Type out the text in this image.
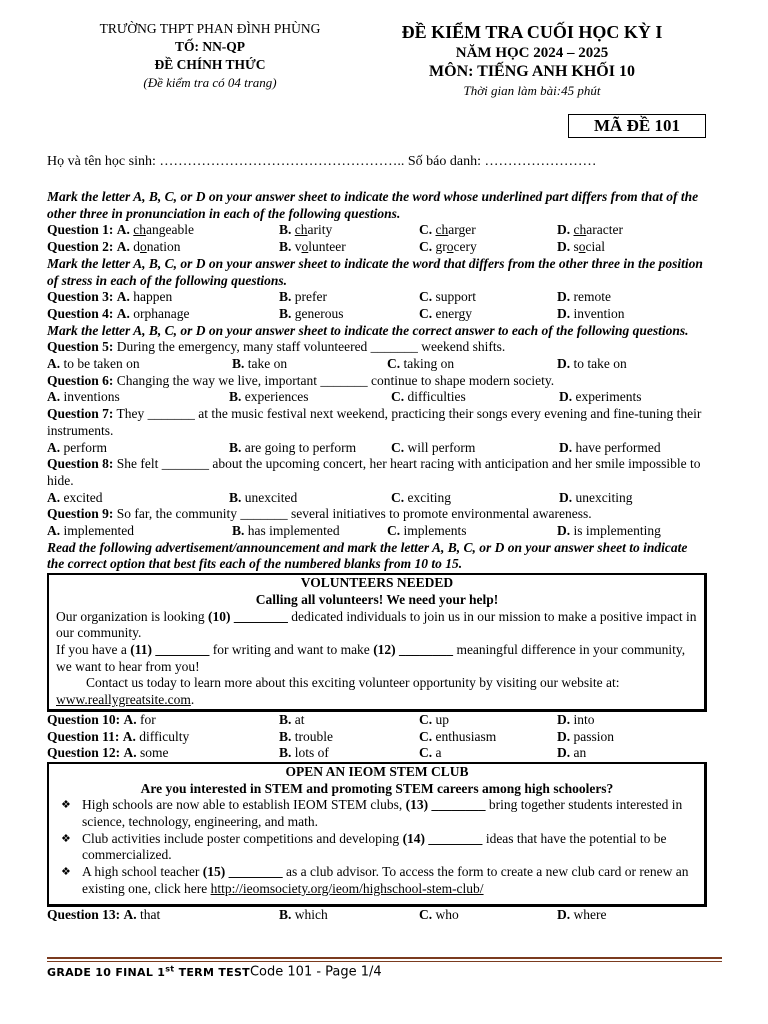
TRƯỜNG THPT PHAN ĐÌNH PHÙNG
TỐ: NN-QP
ĐỀ CHÍNH THỨC
(Đề kiểm tra có 04 trang)
ĐỀ KIỂM TRA CUỐI HỌC KỲ I
NĂM HỌC 2024 – 2025
MÔN: TIẾNG ANH KHỐI 10
Thời gian làm bài:45 phút
MÃ ĐỀ 101
Họ và tên học sinh: …………………………………………….. Số báo danh: ……………………
Mark the letter A, B, C, or D on your answer sheet to indicate the word whose underlined part differs from that of the other three in pronunciation in each of the following questions.
Question 1: A. changeable	B. charity	C. charger	D. character
Question 2: A. donation	B. volunteer	C. grocery	D. social
Mark the letter A, B, C, or D on your answer sheet to indicate the word that differs from the other three in the position of stress in each of the following questions.
Question 3: A. happen	B. prefer	C. support	D. remote
Question 4: A. orphanage	B. generous	C. energy	D. invention
Mark the letter A, B, C, or D on your answer sheet to indicate the correct answer to each of the following questions.
Question 5: During the emergency, many staff volunteered _______ weekend shifts.
A. to be taken on	B. take on	C. taking on	D. to take on
Question 6: Changing the way we live, important _______ continue to shape modern society.
A. inventions	B. experiences	C. difficulties	D. experiments
Question 7: They _______ at the music festival next weekend, practicing their songs every evening and fine-tuning their instruments.
A. perform	B. are going to perform	C. will perform	D. have performed
Question 8: She felt _______ about the upcoming concert, her heart racing with anticipation and her smile impossible to hide.
A. excited	B. unexcited	C. exciting	D. unexciting
Question 9: So far, the community _______ several initiatives to promote environmental awareness.
A. implemented	B. has implemented	C. implements	D. is implementing
Read the following advertisement/announcement and mark the letter A, B, C, or D on your answer sheet to indicate the correct option that best fits each of the numbered blanks from 10 to 15.
VOLUNTEERS NEEDED
Calling all volunteers! We need your help!
Our organization is looking (10) ________ dedicated individuals to join us in our mission to make a positive impact in our community.
If you have a (11) ________ for writing and want to make (12) ________ meaningful difference in your community, we want to hear from you!
Contact us today to learn more about this exciting volunteer opportunity by visiting our website at: www.reallygreatsite.com.
Question 10: A. for	B. at	C. up	D. into
Question 11: A. difficulty	B. trouble	C. enthusiasm	D. passion
Question 12: A. some	B. lots of	C. a	D. an
OPEN AN IEOM STEM CLUB
Are you interested in STEM and promoting STEM careers among high schoolers?
❖ High schools are now able to establish IEOM STEM clubs, (13) ________ bring together students interested in science, technology, engineering, and math.
❖ Club activities include poster competitions and developing (14) ________ ideas that have the potential to be commercialized.
❖ A high school teacher (15) ________ as a club advisor. To access the form to create a new club card or renew an existing one, click here http://ieomsociety.org/ieom/highschool-stem-club/
Question 13: A. that	B. which	C. who	D. where
GRADE 10 FINAL 1st TERM TESTCode 101 - Page 1/4
